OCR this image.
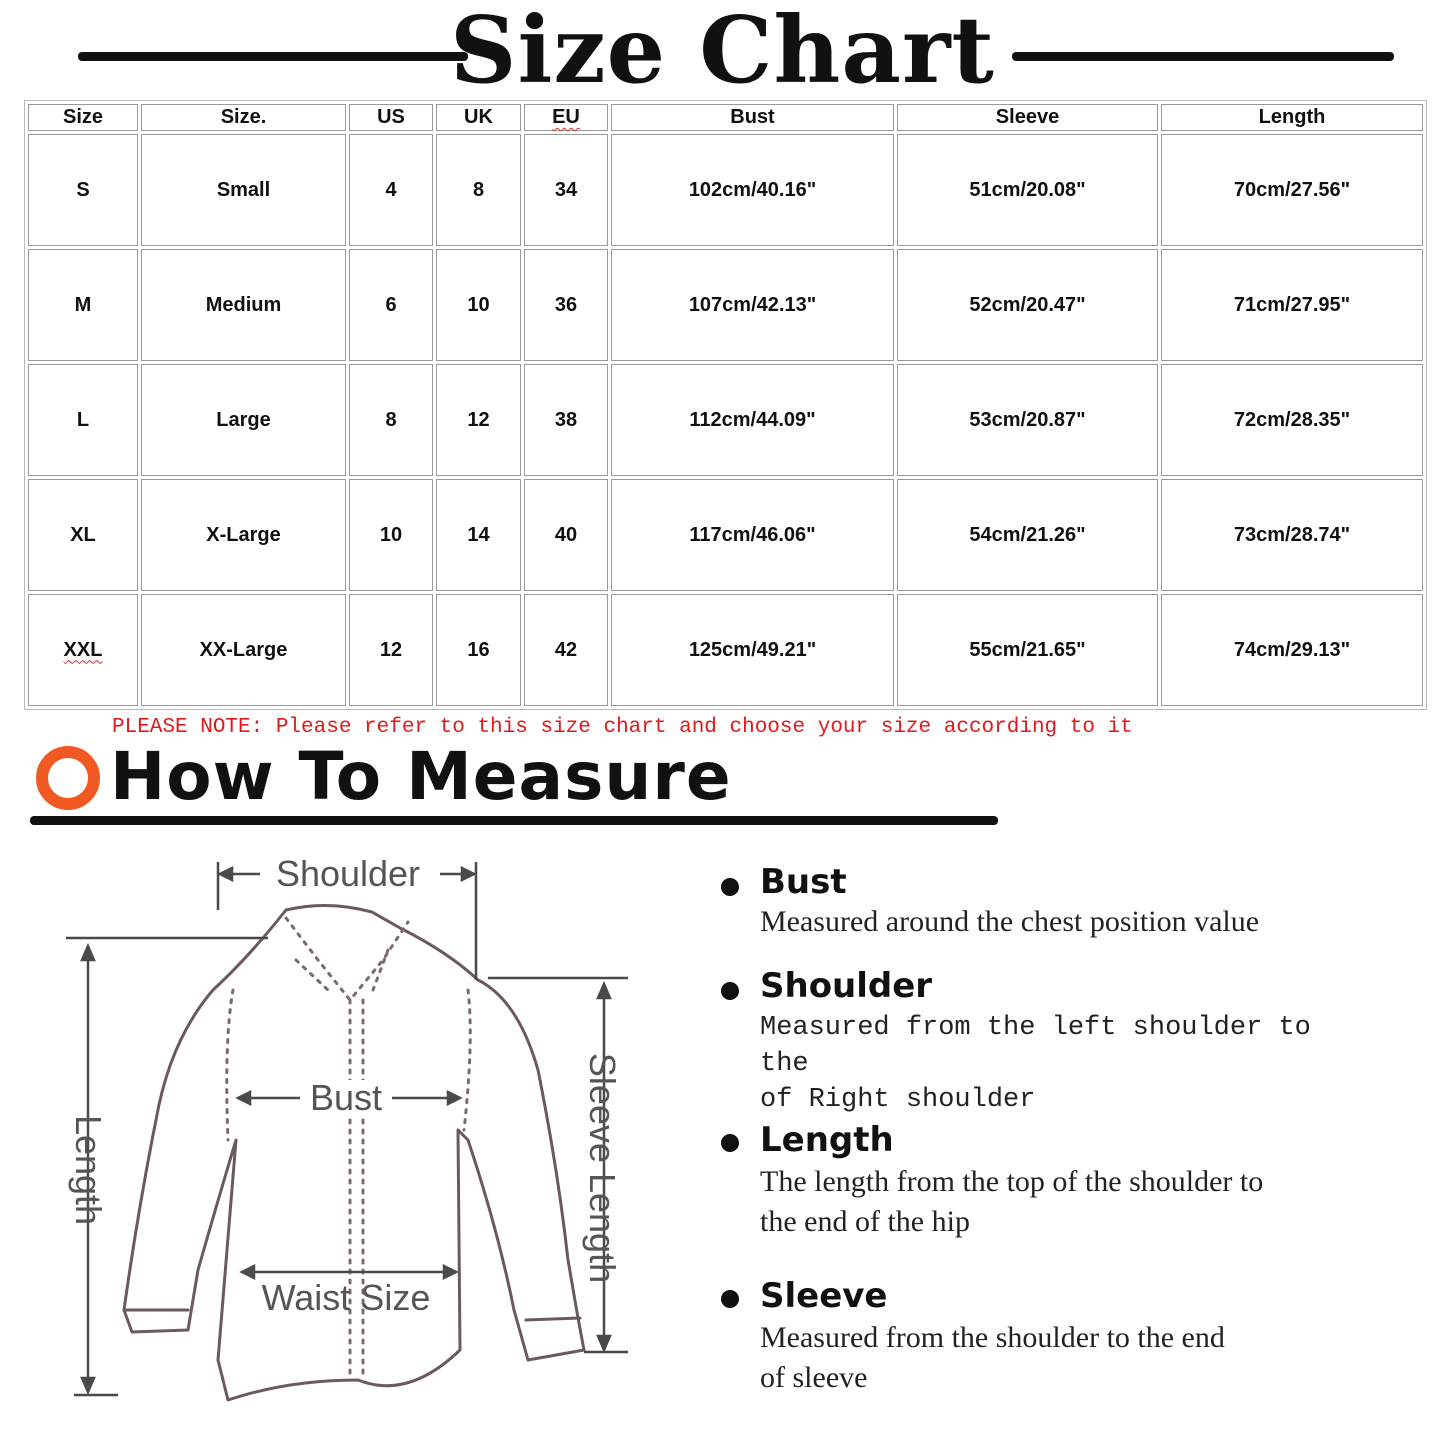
Size Chart
Size	Size.	US	UK	EU	Bust	Sleeve	Length
S	Small	4	8	34	102cm/40.16"	51cm/20.08"	70cm/27.56"
M	Medium	6	10	36	107cm/42.13"	52cm/20.47"	71cm/27.95"
L	Large	8	12	38	112cm/44.09"	53cm/20.87"	72cm/28.35"
XL	X-Large	10	14	40	117cm/46.06"	54cm/21.26"	73cm/28.74"
XXL	XX-Large	12	16	42	125cm/49.21"	55cm/21.65"	74cm/29.13"
PLEASE NOTE: Please refer to this size chart and choose your size according to it
How To Measure
Shoulder
Bust
Length	Sleeve Length
Waist Size
Bust
Measured around the chest position value
Shoulder
Measured from the left shoulder to the
of Right shoulder
Length
The length from the top of the shoulder to
the end of the hip
Sleeve
Measured from the shoulder to the end
of sleeve
